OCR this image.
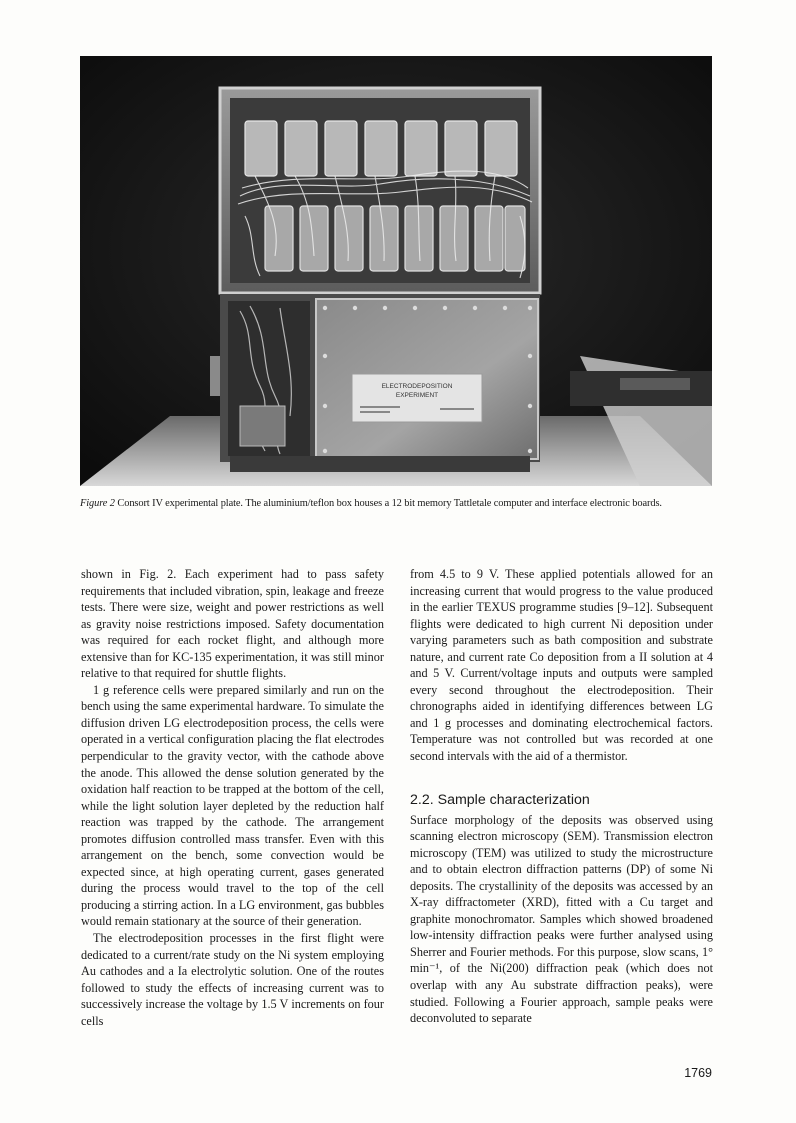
ELECTRODEPOSITION
EXPERIMENT
Figure 2 Consort IV experimental plate. The aluminium/teflon box houses a 12 bit memory Tattletale computer and interface electronic boards.

shown in Fig. 2. Each experiment had to pass safety requirements that included vibration, spin, leakage and freeze tests. There were size, weight and power restrictions as well as gravity noise restrictions imposed. Safety documentation was required for each rocket flight, and although more extensive than for KC-135 experimentation, it was still minor relative to that required for shuttle flights.

1 g reference cells were prepared similarly and run on the bench using the same experimental hardware. To simulate the diffusion driven LG electrodeposition process, the cells were operated in a vertical configuration placing the flat electrodes perpendicular to the gravity vector, with the cathode above the anode. This allowed the dense solution generated by the oxidation half reaction to be trapped at the bottom of the cell, while the light solution layer depleted by the reduction half reaction was trapped by the cathode. The arrangement promotes diffusion controlled mass transfer. Even with this arrangement on the bench, some convection would be expected since, at high operating current, gases generated during the process would travel to the top of the cell producing a stirring action. In a LG environment, gas bubbles would remain stationary at the source of their generation.

The electrodeposition processes in the first flight were dedicated to a current/rate study on the Ni system employing Au cathodes and a Ia electrolytic solution. One of the routes followed to study the effects of increasing current was to successively increase the voltage by 1.5 V increments on four cells

from 4.5 to 9 V. These applied potentials allowed for an increasing current that would progress to the value produced in the earlier TEXUS programme studies [9–12]. Subsequent flights were dedicated to high current Ni deposition under varying parameters such as bath composition and substrate nature, and current rate Co deposition from a II solution at 4 and 5 V. Current/voltage inputs and outputs were sampled every second throughout the electrodeposition. Their chronographs aided in identifying differences between LG and 1 g processes and dominating electrochemical factors. Temperature was not controlled but was recorded at one second intervals with the aid of a thermistor.

2.2. Sample characterization

Surface morphology of the deposits was observed using scanning electron microscopy (SEM). Transmission electron microscopy (TEM) was utilized to study the microstructure and to obtain electron diffraction patterns (DP) of some Ni deposits. The crystallinity of the deposits was accessed by an X-ray diffractometer (XRD), fitted with a Cu target and graphite monochromator. Samples which showed broadened low-intensity diffraction peaks were further analysed using Sherrer and Fourier methods. For this purpose, slow scans, 1° min⁻¹, of the Ni(200) diffraction peak (which does not overlap with any Au substrate diffraction peaks), were studied. Following a Fourier approach, sample peaks were deconvoluted to separate

1769
